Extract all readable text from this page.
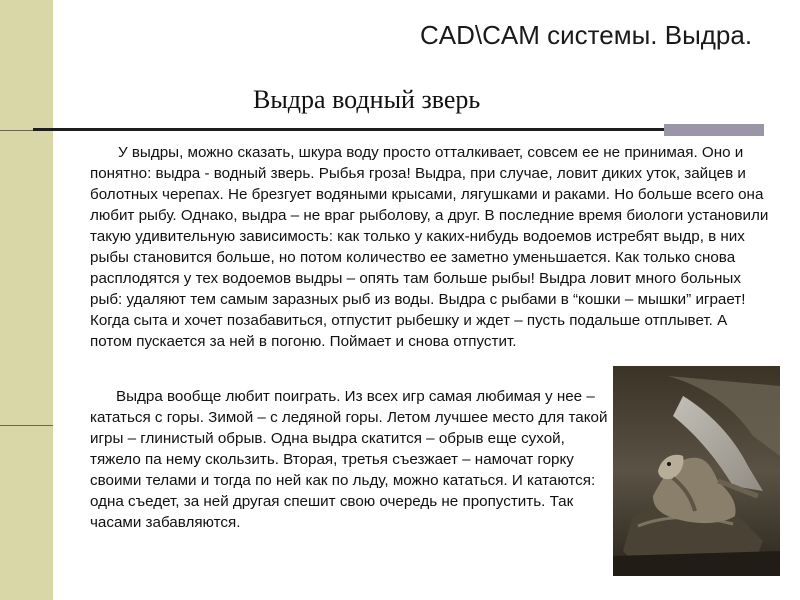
CAD\CAM системы. Выдра.
Выдра водный зверь

У выдры, можно сказать, шкура воду просто отталкивает, совсем ее не принимая. Оно и понятно: выдра - водный зверь. Рыбья гроза! Выдра, при случае, ловит диких уток, зайцев и болотных черепах. Не брезгует водяными крысами, лягушками и раками. Но больше всего она любит рыбу. Однако, выдра – не враг рыболову, а друг. В последние время биологи установили такую удивительную зависимость: как только у каких-нибудь водоемов истребят выдр, в них рыбы становится больше, но потом количество ее заметно уменьшается. Как только снова расплодятся у тех водоемов выдры – опять там больше рыбы! Выдра ловит много больных рыб: удаляют тем самым заразных рыб из воды. Выдра с рыбами в “кошки – мышки” играет! Когда сыта и хочет позабавиться, отпустит рыбешку и ждет – пусть подальше отплывет. А потом пускается за ней в погоню. Поймает и снова отпустит.

Выдра вообще любит поиграть. Из всех игр самая любимая у нее – кататься с горы. Зимой – с ледяной горы. Летом лучшее место для такой игры – глинистый обрыв. Одна выдра скатится – обрыв еще сухой, тяжело па нему скользить. Вторая, третья съезжает – намочат горку своими телами и тогда по ней как по льду, можно кататься. И катаются: одна съедет, за ней другая спешит свою очередь не пропустить. Так часами забавляются.
